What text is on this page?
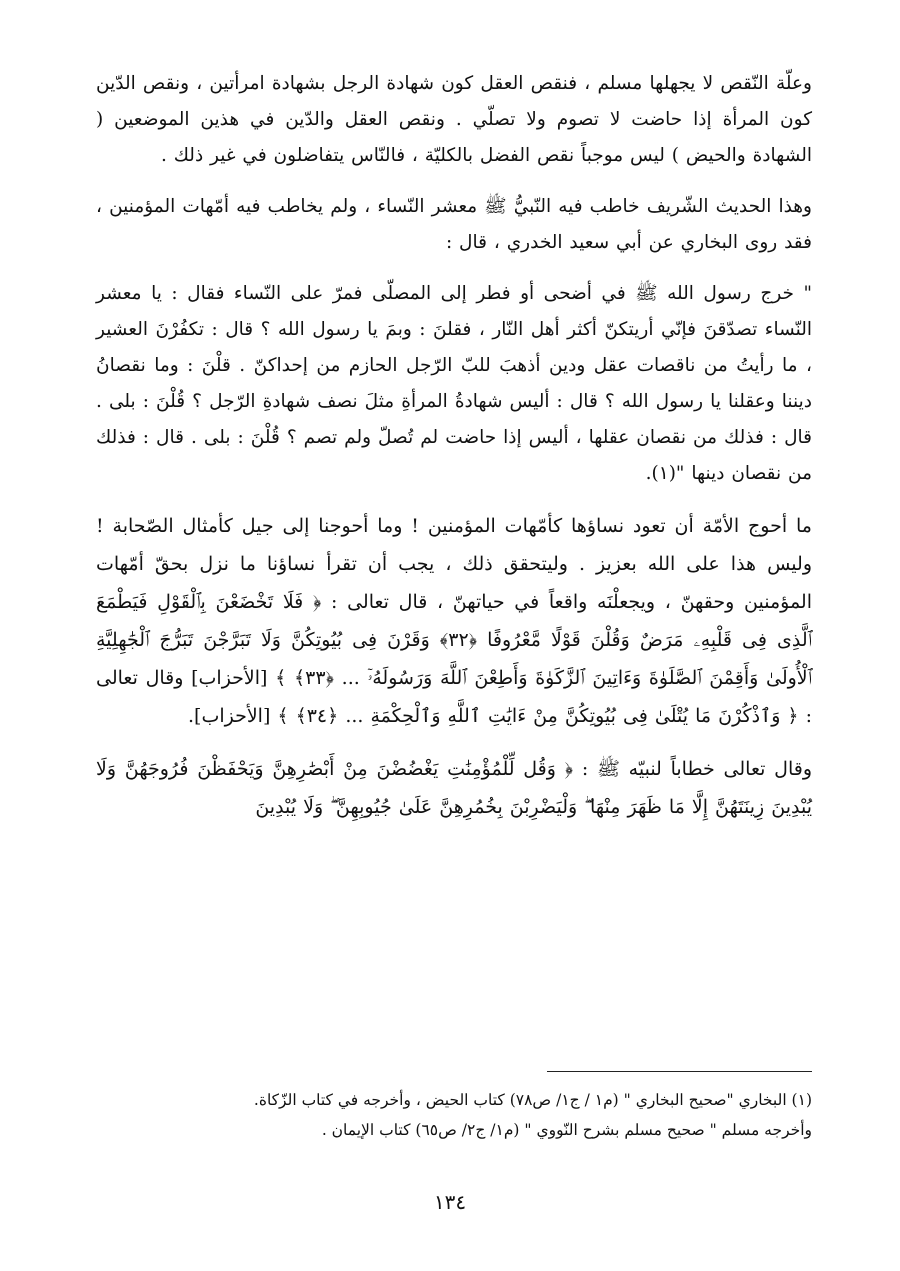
وعلّة النّقص لا يجهلها مسلم ، فنقص العقل كون شهادة الرجل بشهادة امرأتين ، ونقص الدّين كون المرأة إذا حاضت لا تصوم ولا تصلّي . ونقص العقل والدّين في هذين الموضعين ( الشهادة والحيض ) ليس موجباً نقص الفضل بالكليّة ، فالنّاس يتفاضلون في غير ذلك .

وهذا الحديث الشّريف خاطب فيه النّبيُّ ﷺ معشر النّساء ، ولم يخاطب فيه أمّهات المؤمنين ، فقد روى البخاري عن أبي سعيد الخدري ، قال :

" خرج رسول الله ﷺ في أضحى أو فطر إلى المصلّى فمرّ على النّساء فقال : يا معشر النّساء تصدّقنَ فإنّي أريتكنّ أكثر أهل النّار ، فقلنَ : وبمَ يا رسول الله ؟ قال : تكفُرْنَ العشير ، ما رأيتُ من ناقصات عقل ودين أذهبَ للبّ الرّجل الحازم من إحداكنّ . قلْنَ : وما نقصانُ ديننا وعقلنا يا رسول الله ؟ قال : أليس شهادةُ المرأةِ مثلَ نصف شهادةِ الرّجل ؟ قُلْنَ : بلى . قال : فذلك من نقصان عقلها ، أليس إذا حاضت لم تُصلّ ولم تصم ؟ قُلْنَ : بلى . قال : فذلك من نقصان دينها "(١).

ما أحوج الأمّة أن تعود نساؤها كأمّهات المؤمنين ! وما أحوجنا إلى جيل كأمثال الصّحابة ! وليس هذا على الله بعزيز . وليتحقق ذلك ، يجب أن تقرأ نساؤنا ما نزل بحقّ أمّهات المؤمنين وحقهنّ ، ويجعلْنَه واقعاً في حياتهنّ ، قال تعالى : ﴿ فَلَا تَخْضَعْنَ بِٱلْقَوْلِ فَيَطْمَعَ ٱلَّذِى فِى قَلْبِهِۦ مَرَضٌ وَقُلْنَ قَوْلًا مَّعْرُوفًا ﴿٣٢﴾ وَقَرْنَ فِى بُيُوتِكُنَّ وَلَا تَبَرَّجْنَ تَبَرُّجَ ٱلْجَٰهِلِيَّةِ ٱلْأُولَىٰ وَأَقِمْنَ ٱلصَّلَوٰةَ وَءَاتِينَ ٱلزَّكَوٰةَ وَأَطِعْنَ ٱللَّهَ وَرَسُولَهُۥٓ ... ﴿٣٣﴾ ﴾ [الأحزاب] وقال تعالى : ﴿ وَٱذْكُرْنَ مَا يُتْلَىٰ فِى بُيُوتِكُنَّ مِنْ ءَايَٰتِ ٱللَّهِ وَٱلْحِكْمَةِ ... ﴿٣٤﴾ ﴾ [الأحزاب].

وقال تعالى خطاباً لنبيّه ﷺ : ﴿ وَقُل لِّلْمُؤْمِنَٰتِ يَغْضُضْنَ مِنْ أَبْصَٰرِهِنَّ وَيَحْفَظْنَ فُرُوجَهُنَّ وَلَا يُبْدِينَ زِينَتَهُنَّ إِلَّا مَا ظَهَرَ مِنْهَا ۖ وَلْيَضْرِبْنَ بِخُمُرِهِنَّ عَلَىٰ جُيُوبِهِنَّ ۖ وَلَا يُبْدِينَ

(١) البخاري "صحيح البخاري " (م١ / ج١/ ص٧٨) كتاب الحيض ، وأخرجه في كتاب الزّكاة.

وأخرجه مسلم " صحيح مسلم بشرح النّووي " (م١/ ج٢/ ص٦٥) كتاب الإيمان .

١٣٤
